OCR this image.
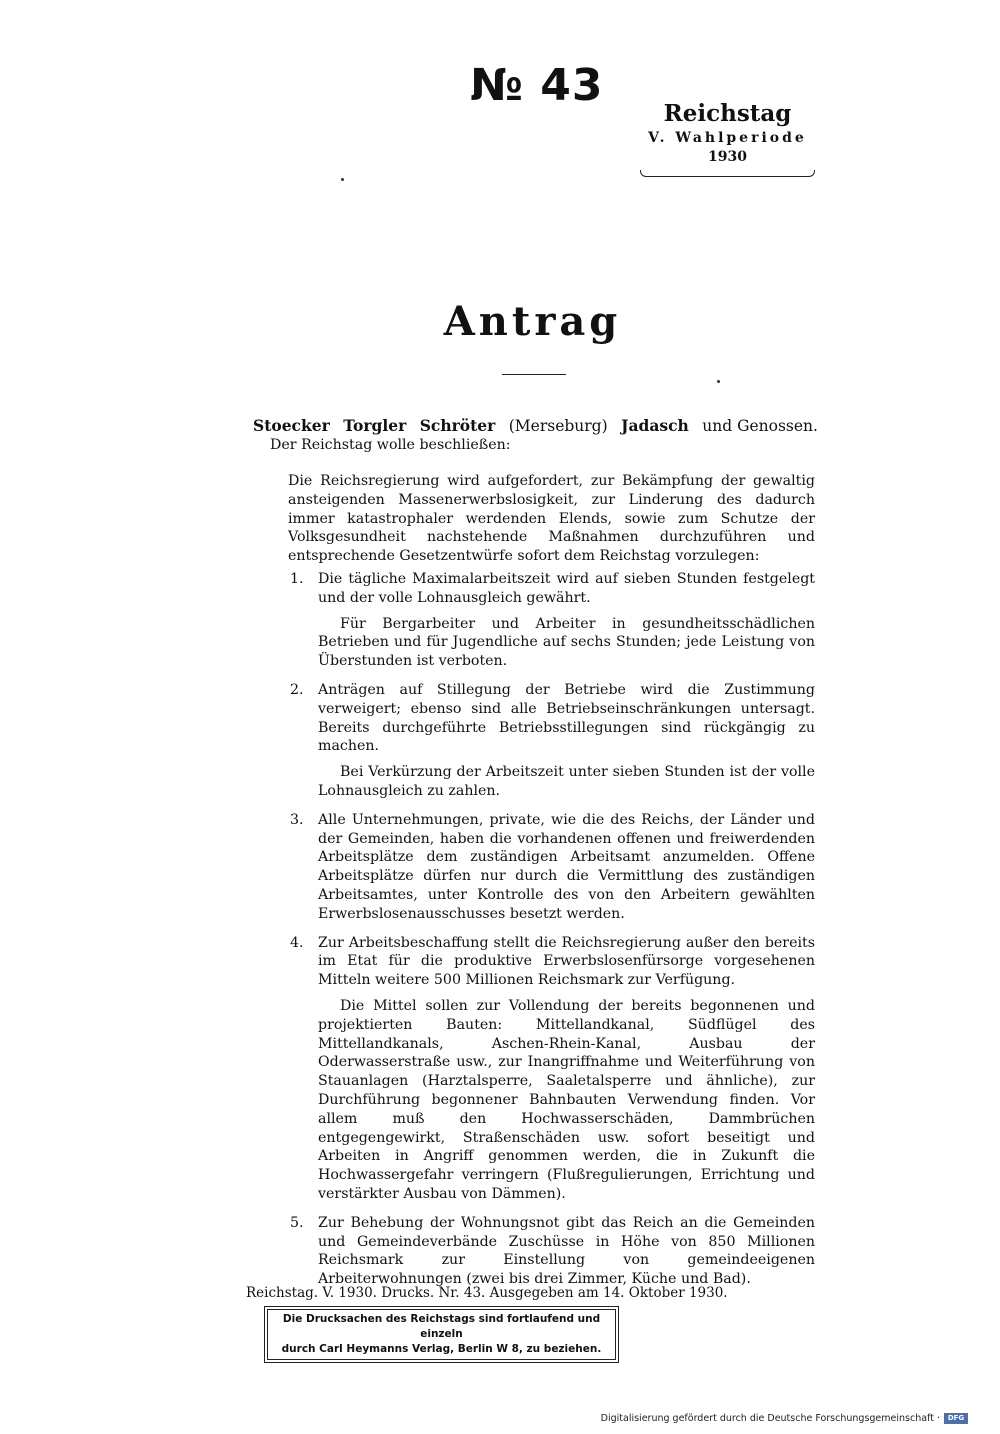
№ 43
Reichstag
V. Wahlperiode
1930
Antrag
Stoecker Torgler Schröter (Merseburg) Jadasch und Genossen.
Der Reichstag wolle beschließen:
Die Reichsregierung wird aufgefordert, zur Bekämpfung der gewaltig ansteigenden Massenerwerbslosigkeit, zur Linderung des dadurch immer katastrophaler werdenden Elends, sowie zum Schutze der Volksgesundheit nachstehende Maßnahmen durchzuführen und entsprechende Gesetzentwürfe sofort dem Reichstag vorzulegen:
1.	Die tägliche Maximalarbeitszeit wird auf sieben Stunden festgelegt und der volle Lohnausgleich gewährt.

Für Bergarbeiter und Arbeiter in gesundheitsschädlichen Betrieben und für Jugendliche auf sechs Stunden; jede Leistung von Überstunden ist verboten.

2.	Anträgen auf Stillegung der Betriebe wird die Zustimmung verweigert; ebenso sind alle Betriebseinschränkungen untersagt. Bereits durchgeführte Betriebsstillegungen sind rückgängig zu machen.

Bei Verkürzung der Arbeitszeit unter sieben Stunden ist der volle Lohnausgleich zu zahlen.

3.	Alle Unternehmungen, private, wie die des Reichs, der Länder und der Gemeinden, haben die vorhandenen offenen und freiwerdenden Arbeitsplätze dem zuständigen Arbeitsamt anzumelden. Offene Arbeitsplätze dürfen nur durch die Vermittlung des zuständigen Arbeitsamtes, unter Kontrolle des von den Arbeitern gewählten Erwerbslosenausschusses besetzt werden.

4.	Zur Arbeitsbeschaffung stellt die Reichsregierung außer den bereits im Etat für die produktive Erwerbslosenfürsorge vorgesehenen Mitteln weitere 500 Millionen Reichsmark zur Verfügung.

Die Mittel sollen zur Vollendung der bereits begonnenen und projektierten Bauten: Mittellandkanal, Südflügel des Mittellandkanals, Aschen-Rhein-Kanal, Ausbau der Oderwasserstraße usw., zur Inangriffnahme und Weiterführung von Stauanlagen (Harztalsperre, Saaletalsperre und ähnliche), zur Durchführung begonnener Bahnbauten Verwendung finden. Vor allem muß den Hochwasserschäden, Dammbrüchen entgegengewirkt, Straßenschäden usw. sofort beseitigt und Arbeiten in Angriff genommen werden, die in Zukunft die Hochwassergefahr verringern (Flußregulierungen, Errichtung und verstärkter Ausbau von Dämmen).

5.	Zur Behebung der Wohnungsnot gibt das Reich an die Gemeinden und Gemeindeverbände Zuschüsse in Höhe von 850 Millionen Reichsmark zur Einstellung von gemeindeeigenen Arbeiterwohnungen (zwei bis drei Zimmer, Küche und Bad).

Reichstag. V. 1930. Drucks. Nr. 43. Ausgegeben am 14. Oktober 1930.
Die Drucksachen des Reichstags sind fortlaufend und einzeln
durch Carl Heymanns Verlag, Berlin W 8, zu beziehen.
Digitalisierung gefördert durch die Deutsche Forschungsgemeinschaft ·	DFG
